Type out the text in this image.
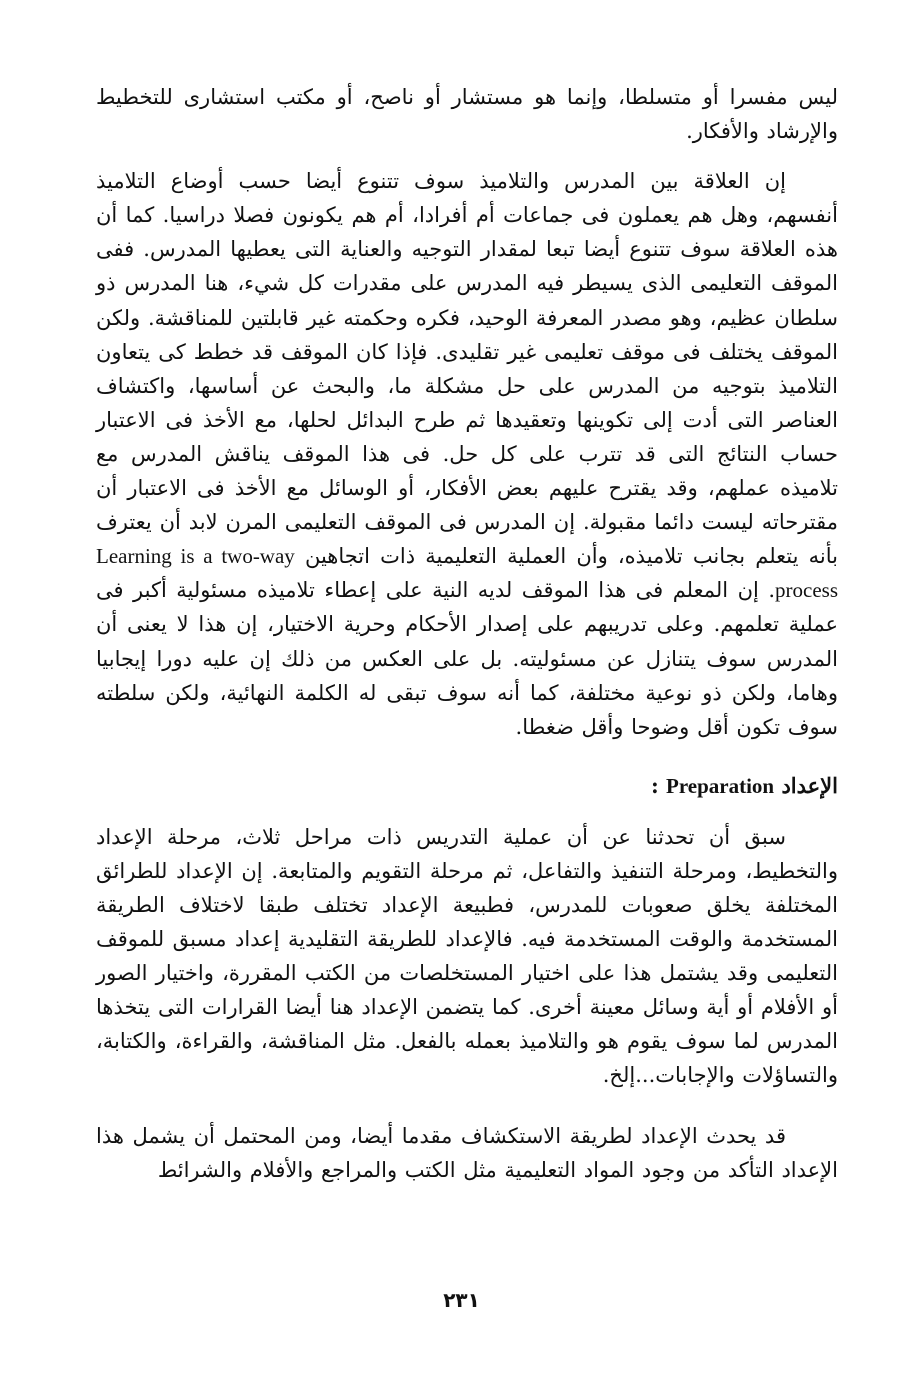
ليس مفسرا أو متسلطا، وإنما هو مستشار أو ناصح، أو مكتب استشارى للتخطيط والإرشاد والأفكار.

إن العلاقة بين المدرس والتلاميذ سوف تتنوع أيضا حسب أوضاع التلاميذ أنفسهم، وهل هم يعملون فى جماعات أم أفرادا، أم هم يكونون فصلا دراسيا. كما أن هذه العلاقة سوف تتنوع أيضا تبعا لمقدار التوجيه والعناية التى يعطيها المدرس. ففى الموقف التعليمى الذى يسيطر فيه المدرس على مقدرات كل شيء، هنا المدرس ذو سلطان عظيم، وهو مصدر المعرفة الوحيد، فكره وحكمته غير قابلتين للمناقشة. ولكن الموقف يختلف فى موقف تعليمى غير تقليدى. فإذا كان الموقف قد خطط كى يتعاون التلاميذ بتوجيه من المدرس على حل مشكلة ما، والبحث عن أساسها، واكتشاف العناصر التى أدت إلى تكوينها وتعقيدها ثم طرح البدائل لحلها، مع الأخذ فى الاعتبار حساب النتائج التى قد تترب على كل حل. فى هذا الموقف يناقش المدرس مع تلاميذه عملهم، وقد يقترح عليهم بعض الأفكار، أو الوسائل مع الأخذ فى الاعتبار أن مقترحاته ليست دائما مقبولة. إن المدرس فى الموقف التعليمى المرن لابد أن يعترف بأنه يتعلم بجانب تلاميذه، وأن العملية التعليمية ذات اتجاهين Learning is a two-way process. إن المعلم فى هذا الموقف لديه النية على إعطاء تلاميذه مسئولية أكبر فى عملية تعلمهم. وعلى تدريبهم على إصدار الأحكام وحرية الاختيار، إن هذا لا يعنى أن المدرس سوف يتنازل عن مسئوليته. بل على العكس من ذلك إن عليه دورا إيجابيا وهاما، ولكن ذو نوعية مختلفة، كما أنه سوف تبقى له الكلمة النهائية، ولكن سلطته سوف تكون أقل وضوحا وأقل ضغطا.

الإعداد Preparation :

سبق أن تحدثنا عن أن عملية التدريس ذات مراحل ثلاث، مرحلة الإعداد والتخطيط، ومرحلة التنفيذ والتفاعل، ثم مرحلة التقويم والمتابعة. إن الإعداد للطرائق المختلفة يخلق صعوبات للمدرس، فطبيعة الإعداد تختلف طبقا لاختلاف الطريقة المستخدمة والوقت المستخدمة فيه. فالإعداد للطريقة التقليدية إعداد مسبق للموقف التعليمى وقد يشتمل هذا على اختيار المستخلصات من الكتب المقررة، واختيار الصور أو الأفلام أو أية وسائل معينة أخرى. كما يتضمن الإعداد هنا أيضا القرارات التى يتخذها المدرس لما سوف يقوم هو والتلاميذ بعمله بالفعل. مثل المناقشة، والقراءة، والكتابة، والتساؤلات والإجابات...إلخ.

قد يحدث الإعداد لطريقة الاستكشاف مقدما أيضا، ومن المحتمل أن يشمل هذا الإعداد التأكد من وجود المواد التعليمية مثل الكتب والمراجع والأفلام والشرائط

٢٣١
